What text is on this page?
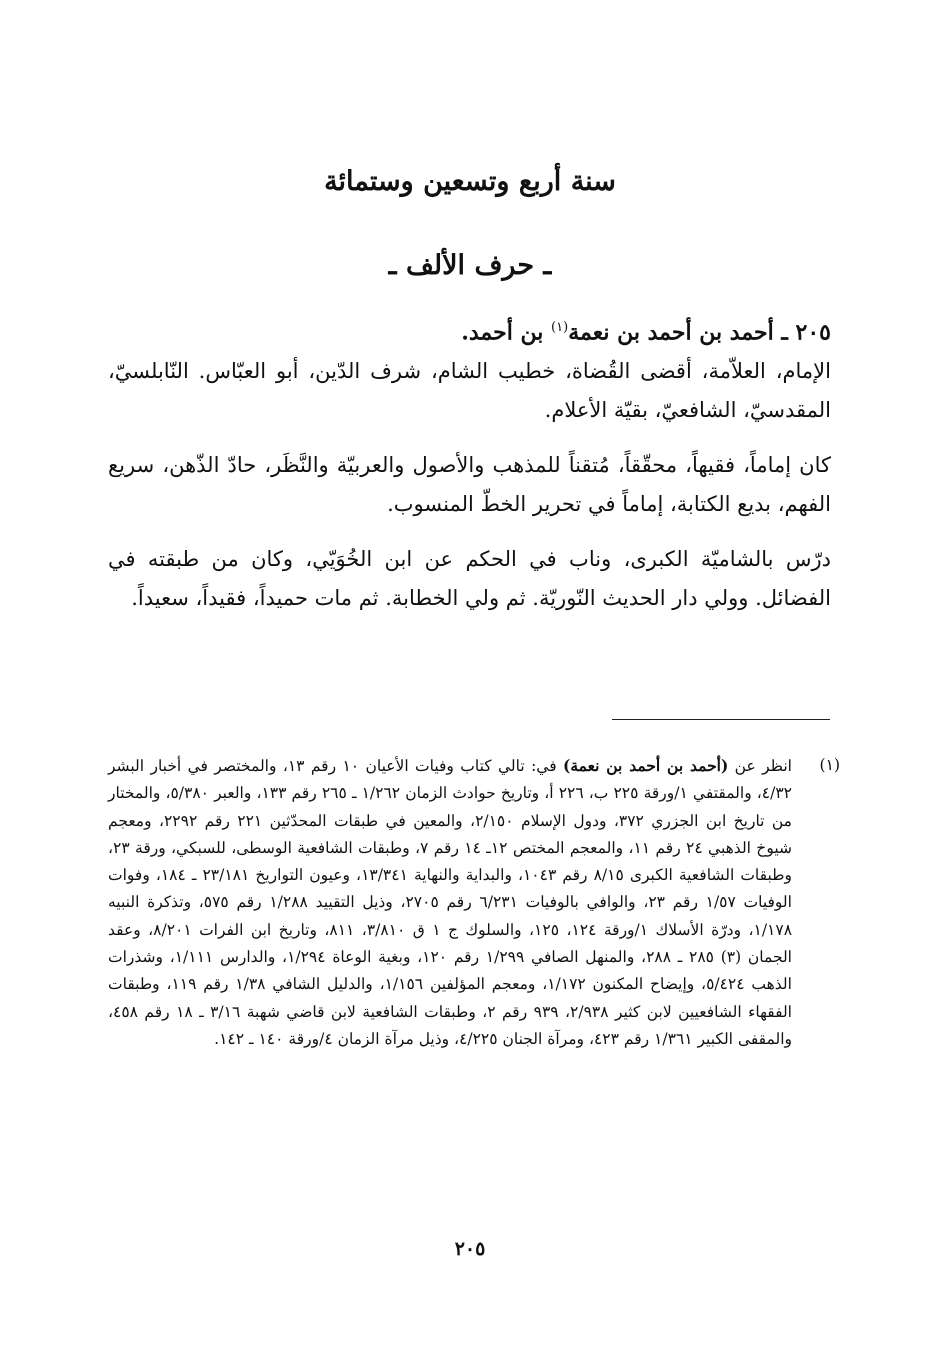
سنة أربع وتسعين وستمائة
ـ حرف الألف ـ

٢٠٥ ـ أحمد بن أحمد بن نعمة$^{(١)}$ بن أحمد.

الإمام، العلاّمة، أقضى القُضاة، خطيب الشام، شرف الدّين، أبو العبّاس. النّابلسيّ، المقدسيّ، الشافعيّ، بقيّة الأعلام.

كان إماماً، فقيهاً، محقّقاً، مُتقناً للمذهب والأصول والعربيّة والنَّظَر، حادّ الذّهن، سريع الفهم، بديع الكتابة، إماماً في تحرير الخطّ المنسوب.

درّس بالشاميّة الكبرى، وناب في الحكم عن ابن الخُوَيّي، وكان من طبقته في الفضائل. وولي دار الحديث النّوريّة. ثم ولي الخطابة. ثم مات حميداً، فقيداً، سعيداً.

(١)
انظر عن (أحمد بن أحمد بن نعمة) في: تالي كتاب وفيات الأعيان ١٠ رقم ١٣، والمختصر في أخبار البشر ٤/٣٢، والمقتفي ١/ورقة ٢٢٥ ب، ٢٢٦ أ، وتاريخ حوادث الزمان ١/٢٦٢ ـ ٢٦٥ رقم ١٣٣، والعبر ٥/٣٨٠، والمختار من تاريخ ابن الجزري ٣٧٢، ودول الإسلام ٢/١٥٠، والمعين في طبقات المحدّثين ٢٢١ رقم ٢٢٩٢، ومعجم شيوخ الذهبي ٢٤ رقم ١١، والمعجم المختص ١٢ـ ١٤ رقم ٧، وطبقات الشافعية الوسطى، للسبكي، ورقة ٢٣، وطبقات الشافعية الكبرى ٨/١٥ رقم ١٠٤٣، والبداية والنهاية ١٣/٣٤١، وعيون التواريخ ٢٣/١٨١ ـ ١٨٤، وفوات الوفيات ١/٥٧ رقم ٢٣، والوافي بالوفيات ٦/٢٣١ رقم ٢٧٠٥، وذيل التقييد ١/٢٨٨ رقم ٥٧٥، وتذكرة النبيه ١/١٧٨، ودرّة الأسلاك ١/ورقة ١٢٤، ١٢٥، والسلوك ج ١ ق ٣/٨١٠، ٨١١، وتاريخ ابن الفرات ٨/٢٠١، وعقد الجمان (٣) ٢٨٥ ـ ٢٨٨، والمنهل الصافي ١/٢٩٩ رقم ١٢٠، وبغية الوعاة ١/٢٩٤، والدارس ١/١١١، وشذرات الذهب ٥/٤٢٤، وإيضاح المكنون ١/١٧٢، ومعجم المؤلفين ١/١٥٦، والدليل الشافي ١/٣٨ رقم ١١٩، وطبقات الفقهاء الشافعيين لابن كثير ٢/٩٣٨، ٩٣٩ رقم ٢، وطبقات الشافعية لابن قاضي شهبة ٣/١٦ ـ ١٨ رقم ٤٥٨، والمقفى الكبير ١/٣٦١ رقم ٤٢٣، ومرآة الجنان ٤/٢٢٥، وذيل مرآة الزمان ٤/ورقة ١٤٠ ـ ١٤٢.
٢٠٥
